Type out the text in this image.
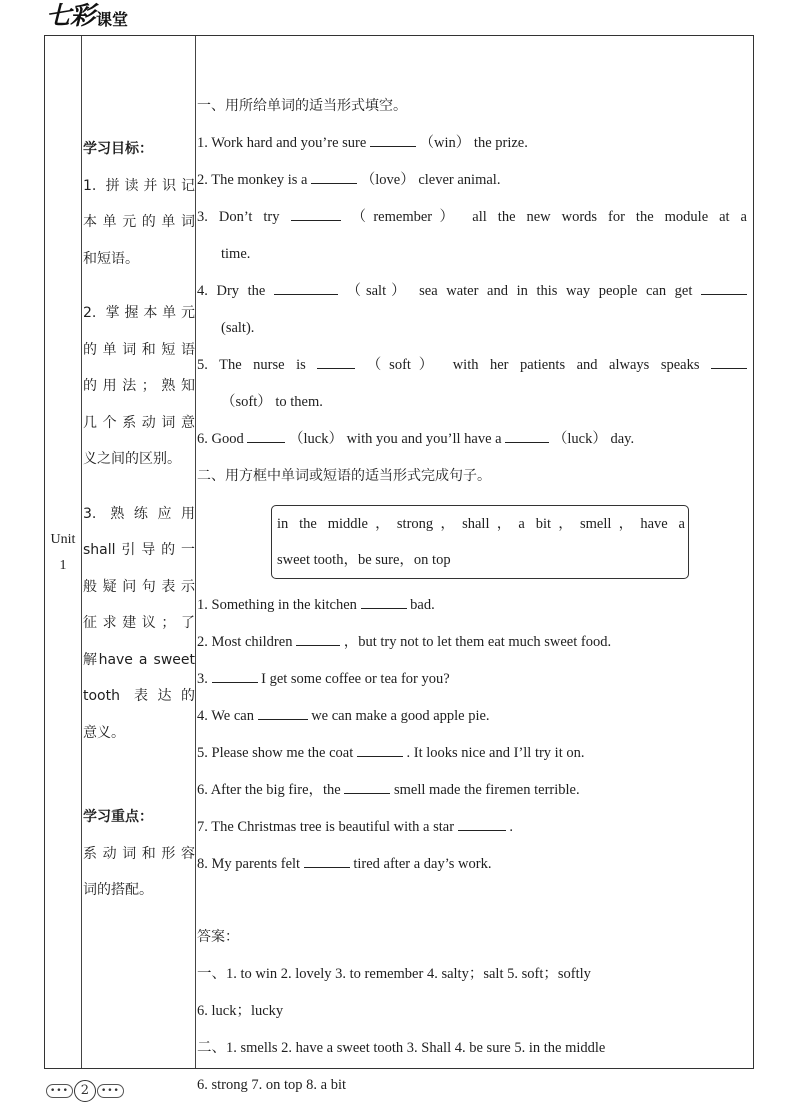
七彩 课堂
Unit
1

学习目标：

1. 拼读并识记

本单元的单词

和短语。

2. 掌握本单元

的单词和短语

的用法；熟知

几个系动词意

义之间的区别。

3. 熟练应用

shall引导的一

般疑问句表示

征求建议；了

解have a sweet

tooth 表达的

意义。

学习重点：

系动词和形容

词的搭配。

一、用所给单词的适当形式填空。

1. Work hard and you’re sure	（win） the prize.

2. The monkey is a	（love） clever animal.

3. Don’t try	（remember） all the new words for the module at a

time.

4. Dry the	（salt） sea water and in this way people can get

(salt).

5. The nurse is	（soft） with her patients and always speaks

（soft） to them.

6. Good	（luck） with you and you’ll have a	（luck） day.

二、用方框中单词或短语的适当形式完成句子。

in the middle，strong，shall，a bit，smell，have a
sweet tooth，be sure，on top

1. Something in the kitchen	bad.

2. Most children	，but try not to let them eat much sweet food.

3.	I get some coffee or tea for you?

4. We can	we can make a good apple pie.

5. Please show me the coat	. It looks nice and I’ll try it on.

6. After the big fire，the	smell made the firemen terrible.

7. The Christmas tree is beautiful with a star	.

8. My parents felt	tired after a day’s work.

答案：

一、1. to win 2. lovely 3. to remember 4. salty；salt 5. soft；softly

6. luck；lucky

二、1. smells 2. have a sweet tooth 3. Shall 4. be sure 5. in the middle

6. strong 7. on top 8. a bit

••• 2	•••
